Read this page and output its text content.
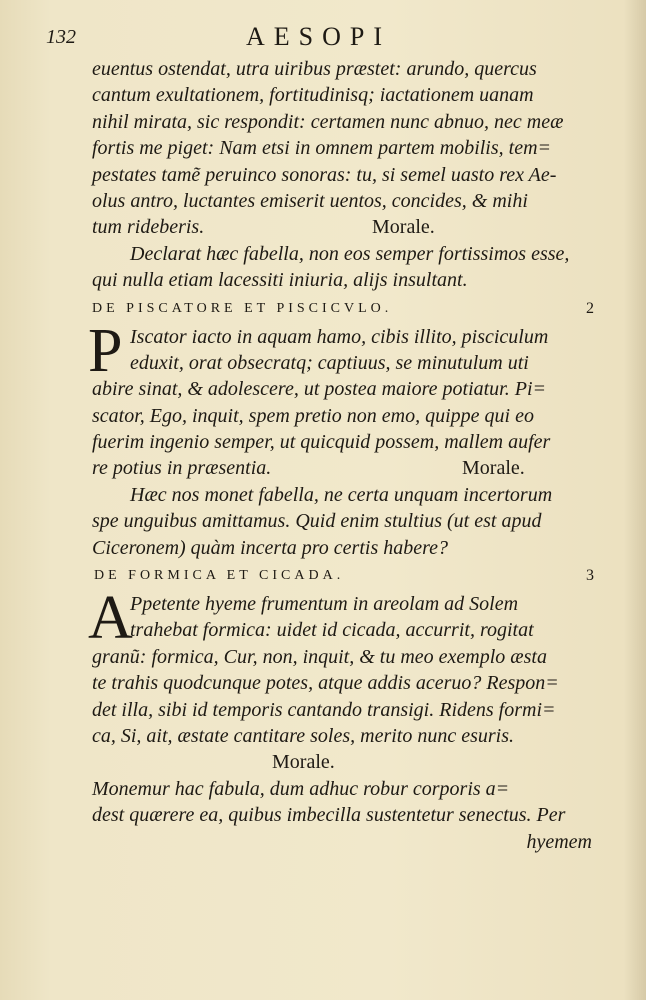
132	AESOPI
euentus ostendat, utra uiribus præstet: arundo, quercus
cantum exultationem, fortitudinisq; iactationem uanam
nihil mirata, sic respondit: certamen nunc abnuo, nec meæ
fortis me piget: Nam etsi in omnem partem mobilis, tem=
pestates tamẽ peruinco sonoras: tu, si semel uasto rex Ae-
olus antro, luctantes emiserit uentos, concides, & mihi
tum rideberis.	Morale.
Declarat hæc fabella, non eos semper fortissimos esse,
qui nulla etiam lacessiti iniuria, alijs insultant.
DE PISCATORE ET PISCICVLO.	2
P Iscator iacto in aquam hamo, cibis illito, pisciculum
eduxit, orat obsecratq; captiuus, se minutulum uti
abire sinat, & adolescere, ut postea maiore potiatur. Pi=
scator, Ego, inquit, spem pretio non emo, quippe qui eo
fuerim ingenio semper, ut quicquid possem, mallem aufer
re potius in præsentia.	Morale.
Hæc nos monet fabella, ne certa unquam incertorum
spe unguibus amittamus. Quid enim stultius (ut est apud
Ciceronem) quàm incerta pro certis habere?
DE FORMICA ET CICADA.	3
A
Ppetente hyeme frumentum in areolam ad Solem
trahebat formica: uidet id cicada, accurrit, rogitat
granũ: formica, Cur, non, inquit, & tu meo exemplo æsta
te trahis quodcunque potes, atque addis aceruo? Respon=
det illa, sibi id temporis cantando transigi. Ridens formi=
ca, Si, ait, æstate cantitare soles, merito nunc esuris.
Morale.
Monemur hac fabula, dum adhuc robur corporis a=
dest quærere ea, quibus imbecilla sustentetur senectus. Per
hyemem
